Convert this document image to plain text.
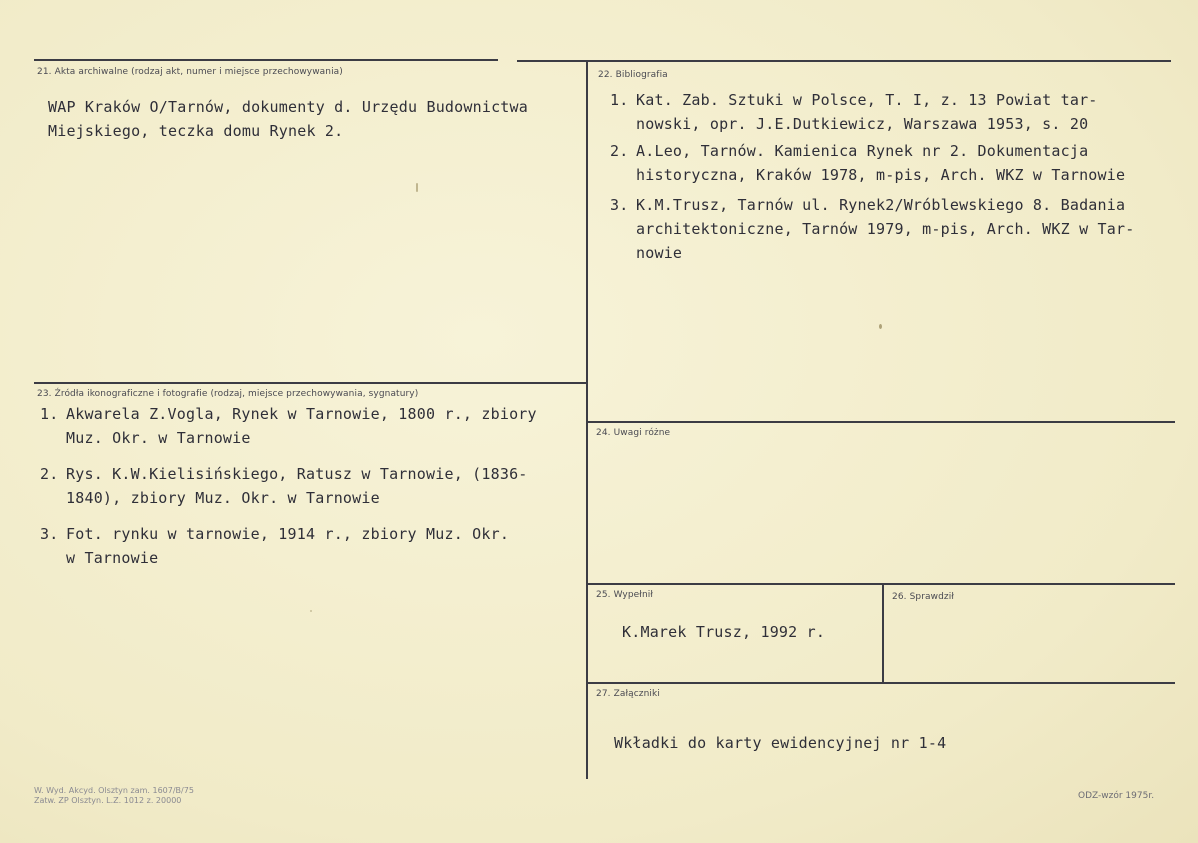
21. Akta archiwalne (rodzaj akt, numer i miejsce przechowywania)
WAP Kraków O/Tarnów, dokumenty d. Urzędu Budownictwa
Miejskiego, teczka domu Rynek 2.
22. Bibliografia
1. Kat. Zab. Sztuki w Polsce, T. I, z. 13 Powiat tar-
nowski, opr. J.E.Dutkiewicz, Warszawa 1953, s. 20
2. A.Leo, Tarnów. Kamienica Rynek nr 2. Dokumentacja
historyczna, Kraków 1978, m-pis, Arch. WKZ w Tarnowie
3. K.M.Trusz, Tarnów ul. Rynek2/Wróblewskiego 8. Badania
architektoniczne, Tarnów 1979, m-pis, Arch. WKZ w Tar-
nowie
23. Źródła ikonograficzne i fotografie (rodzaj, miejsce przechowywania, sygnatury)
1. Akwarela Z.Vogla, Rynek w Tarnowie, 1800 r., zbiory
Muz. Okr. w Tarnowie
2. Rys. K.W.Kielisińskiego, Ratusz w Tarnowie, (1836-
1840), zbiory Muz. Okr. w Tarnowie
3. Fot. rynku w tarnowie, 1914 r., zbiory Muz. Okr.
w Tarnowie
24. Uwagi różne
25. Wypełnił
K.Marek Trusz, 1992 r.
26. Sprawdził
27. Załączniki
Wkładki do karty ewidencyjnej nr 1-4
W. Wyd. Akcyd. Olsztyn zam. 1607/B/75
Zatw. ZP Olsztyn. L.Z. 1012 z. 20000	ODZ-wzór 1975r.
